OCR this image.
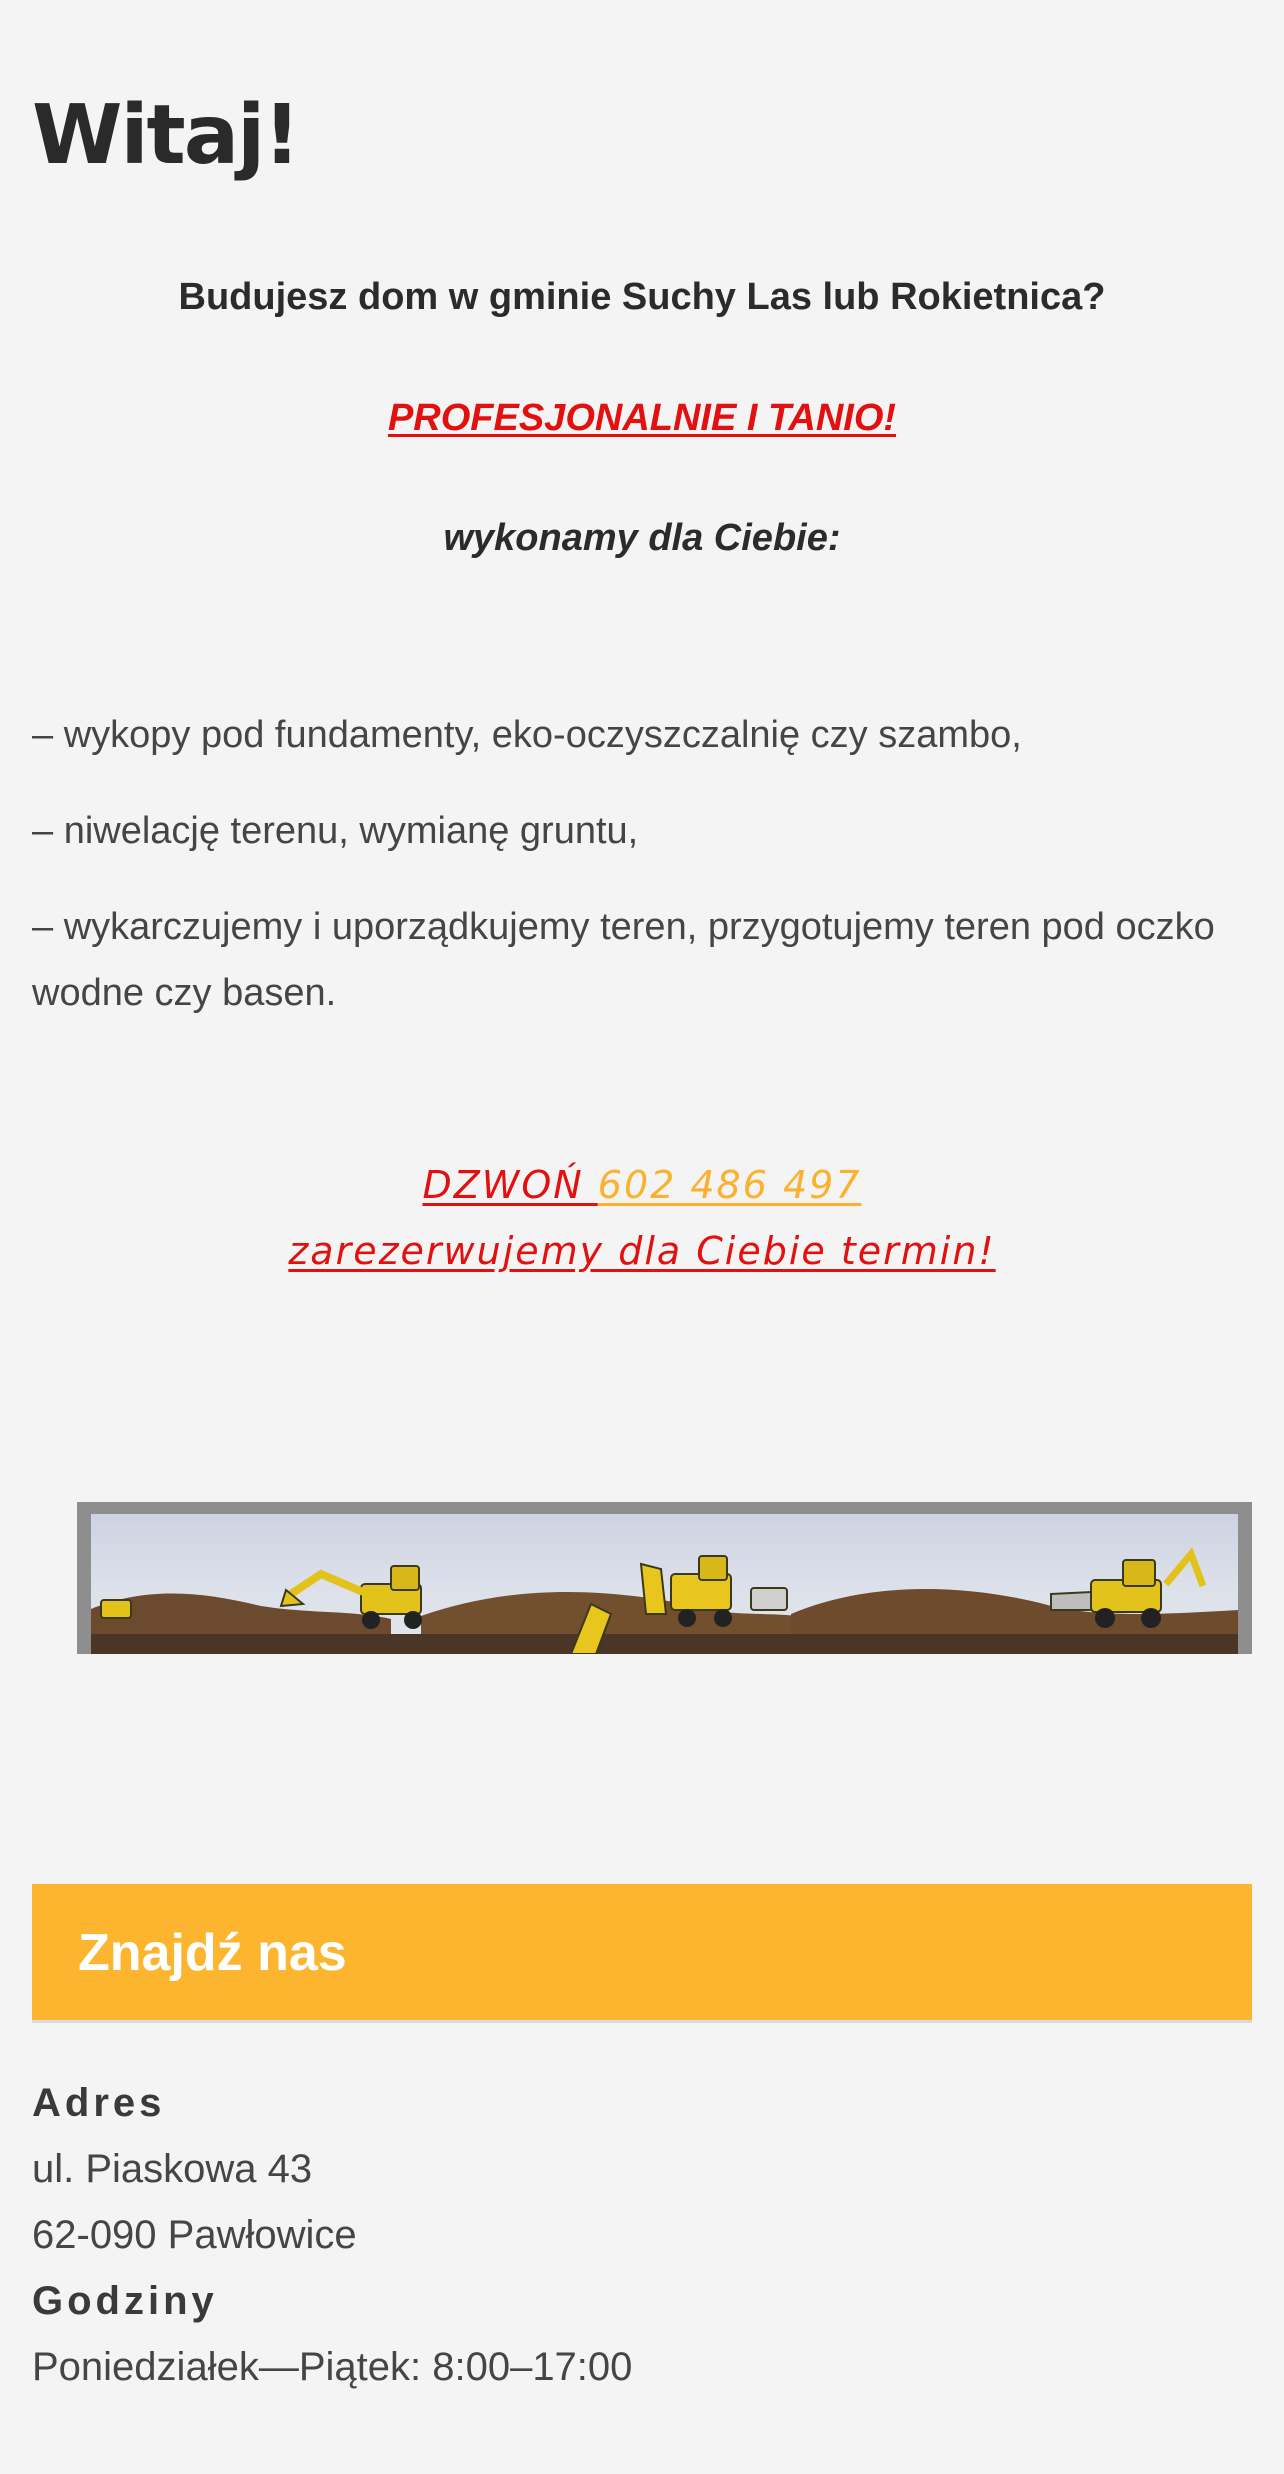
Witaj!

Budujesz dom w gminie Suchy Las lub Rokietnica?

PROFESJONALNIE I TANIO!

wykonamy dla Ciebie:

– wykopy pod fundamenty, eko-oczyszczalnię czy szambo,
– niwelację terenu, wymianę gruntu,
– wykarczujemy i uporządkujemy teren, przygotujemy teren pod oczko wodne czy basen.
DZWOŃ 602 486 497
zarezerwujemy dla Ciebie termin!
Znajdź nas
Adres
ul. Piaskowa 43
62-090 Pawłowice
Godziny
Poniedziałek—Piątek: 8:00–17:00
